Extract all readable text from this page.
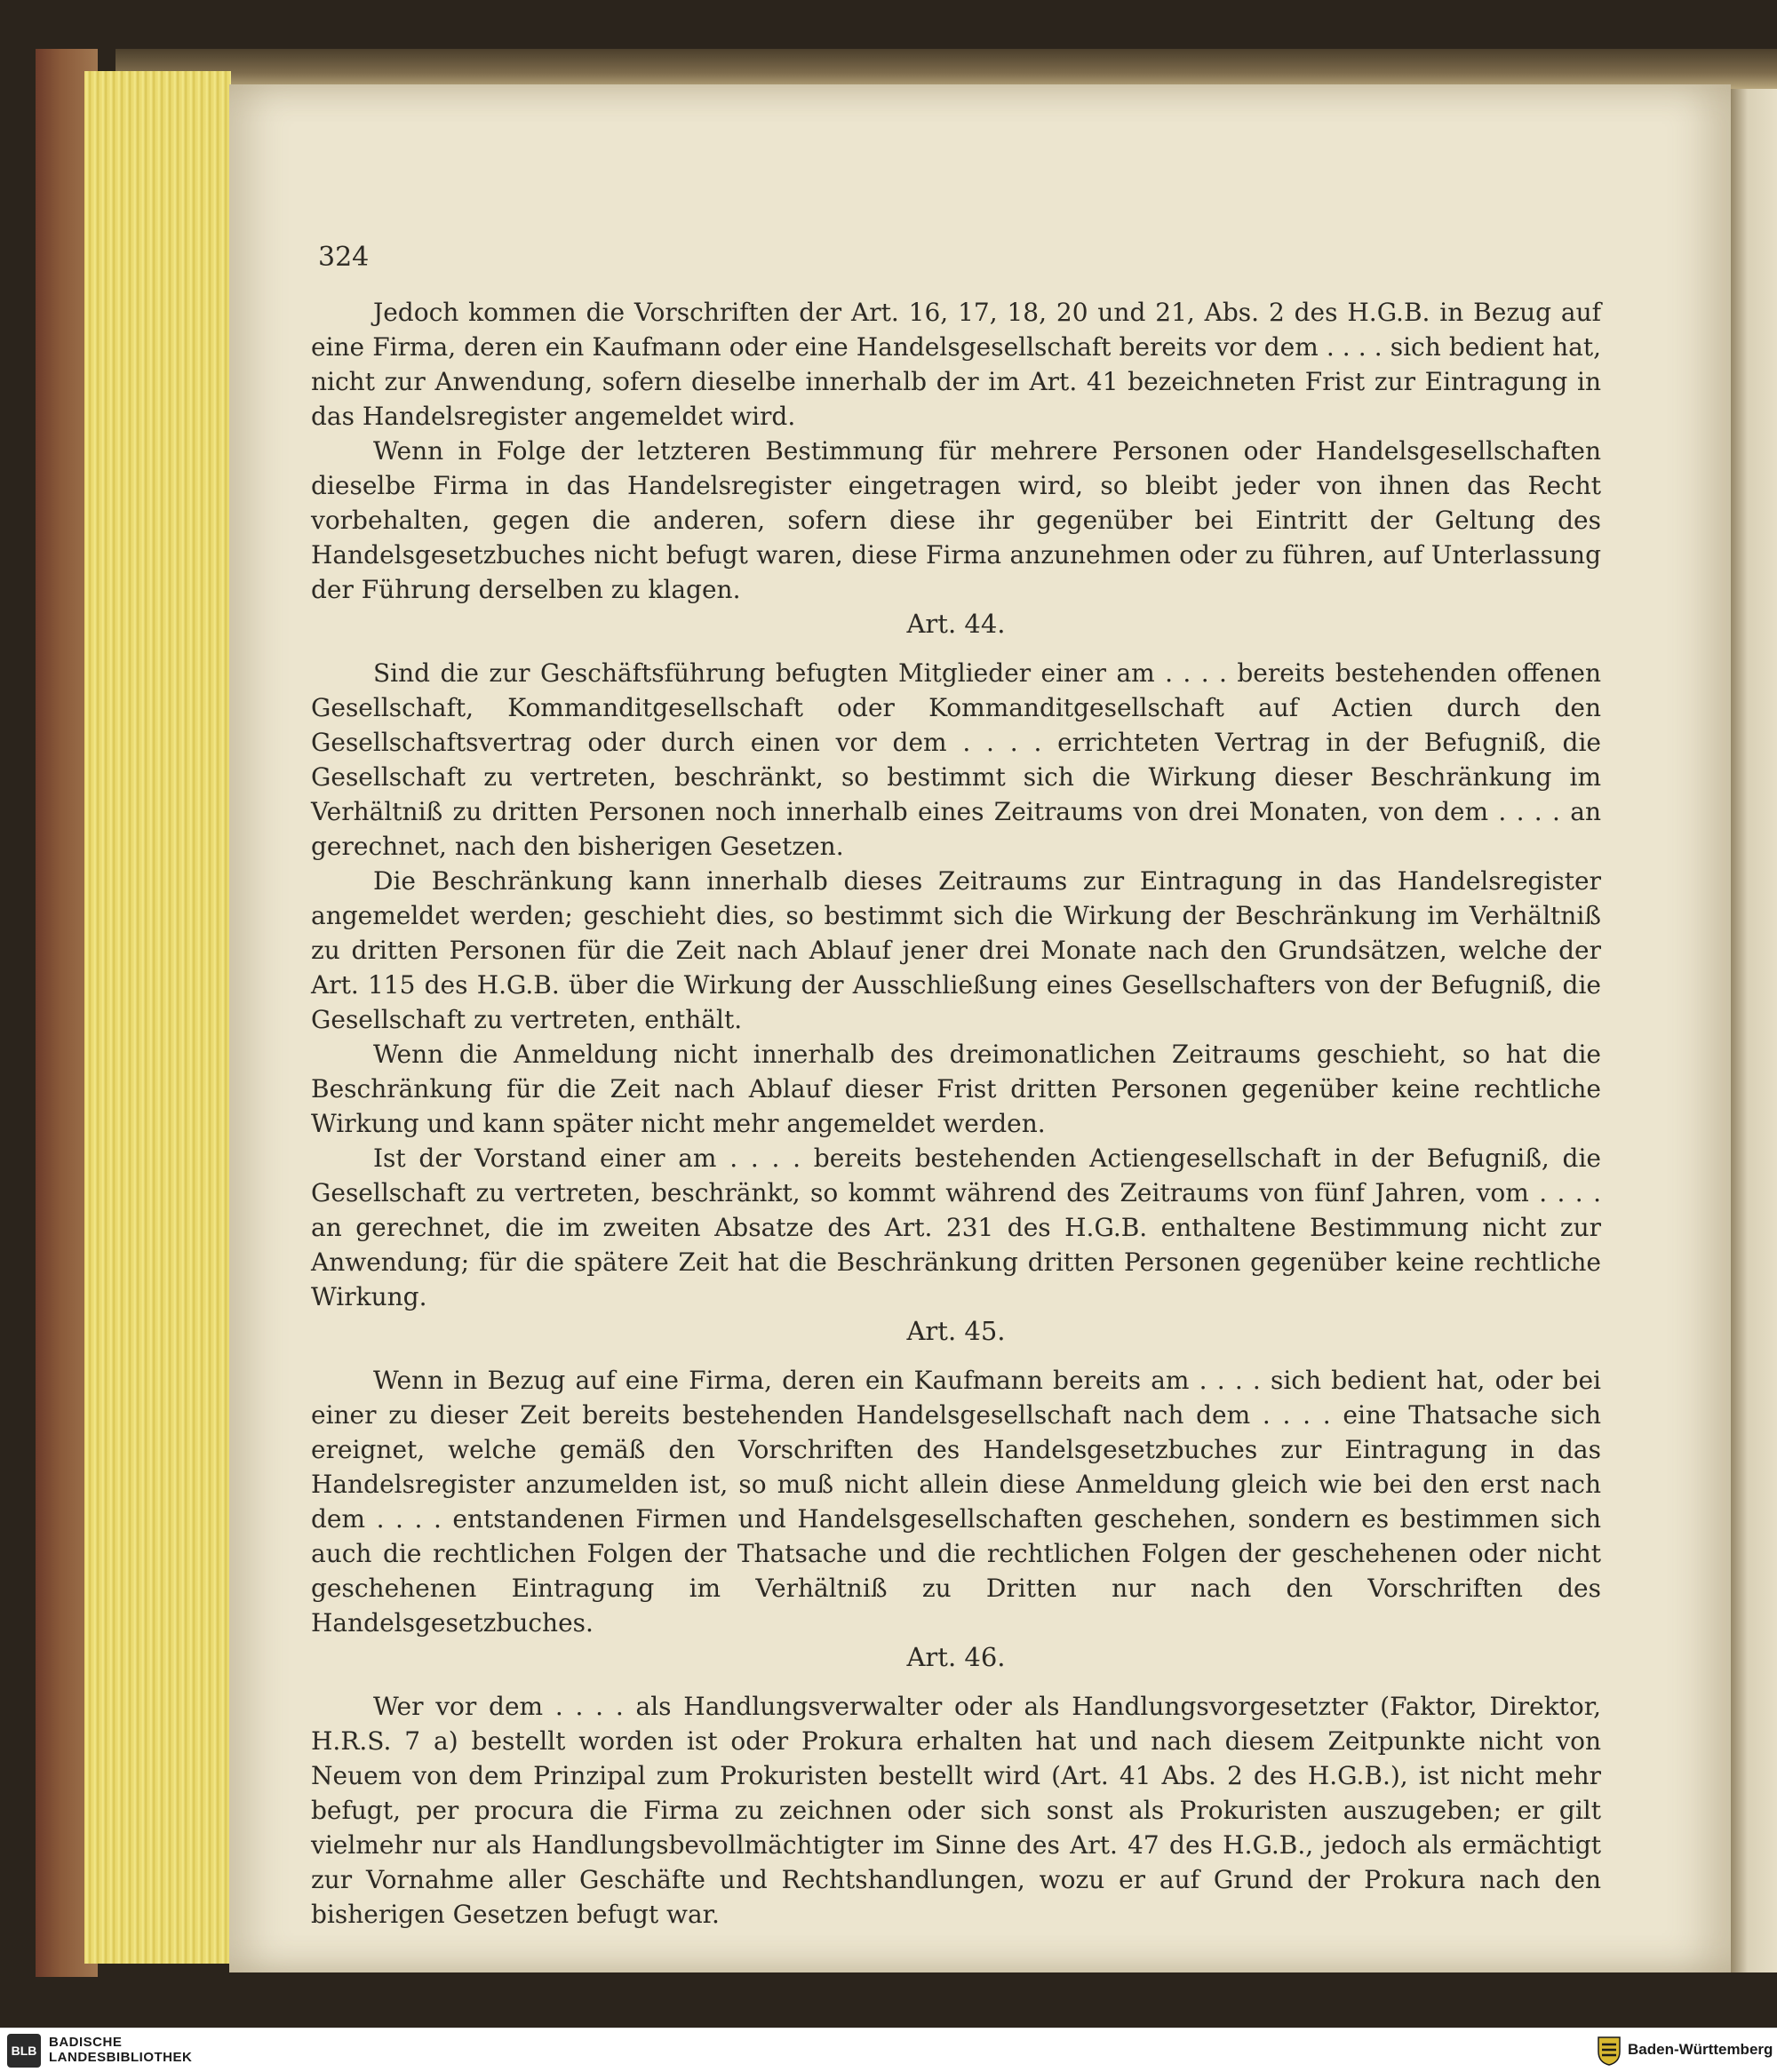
324

Jedoch kommen die Vorschriften der Art. 16, 17, 18, 20 und 21, Abs. 2 des H.G.B. in Bezug auf eine Firma, deren ein Kaufmann oder eine Handelsgesellschaft bereits vor dem . . . . sich bedient hat, nicht zur Anwendung, sofern dieselbe innerhalb der im Art. 41 bezeichneten Frist zur Eintragung in das Handelsregister angemeldet wird.

Wenn in Folge der letzteren Bestimmung für mehrere Personen oder Handelsgesellschaften dieselbe Firma in das Handelsregister eingetragen wird, so bleibt jeder von ihnen das Recht vorbehalten, gegen die anderen, sofern diese ihr gegenüber bei Eintritt der Geltung des Handelsgesetzbuches nicht befugt waren, diese Firma anzunehmen oder zu führen, auf Unterlassung der Führung derselben zu klagen.

Art. 44.

Sind die zur Geschäftsführung befugten Mitglieder einer am . . . . bereits bestehenden offenen Gesellschaft, Kommanditgesellschaft oder Kommanditgesellschaft auf Actien durch den Gesellschaftsvertrag oder durch einen vor dem . . . . errichteten Vertrag in der Befugniß, die Gesellschaft zu vertreten, beschränkt, so bestimmt sich die Wirkung dieser Beschränkung im Verhältniß zu dritten Personen noch innerhalb eines Zeitraums von drei Monaten, von dem . . . . an gerechnet, nach den bisherigen Gesetzen.

Die Beschränkung kann innerhalb dieses Zeitraums zur Eintragung in das Handelsregister angemeldet werden; geschieht dies, so bestimmt sich die Wirkung der Beschränkung im Verhältniß zu dritten Personen für die Zeit nach Ablauf jener drei Monate nach den Grundsätzen, welche der Art. 115 des H.G.B. über die Wirkung der Ausschließung eines Gesellschafters von der Befugniß, die Gesellschaft zu vertreten, enthält.

Wenn die Anmeldung nicht innerhalb des dreimonatlichen Zeitraums geschieht, so hat die Beschränkung für die Zeit nach Ablauf dieser Frist dritten Personen gegenüber keine rechtliche Wirkung und kann später nicht mehr angemeldet werden.

Ist der Vorstand einer am . . . . bereits bestehenden Actiengesellschaft in der Befugniß, die Gesellschaft zu vertreten, beschränkt, so kommt während des Zeitraums von fünf Jahren, vom . . . . an gerechnet, die im zweiten Absatze des Art. 231 des H.G.B. enthaltene Bestimmung nicht zur Anwendung; für die spätere Zeit hat die Beschränkung dritten Personen gegenüber keine rechtliche Wirkung.

Art. 45.

Wenn in Bezug auf eine Firma, deren ein Kaufmann bereits am . . . . sich bedient hat, oder bei einer zu dieser Zeit bereits bestehenden Handelsgesellschaft nach dem . . . . eine Thatsache sich ereignet, welche gemäß den Vorschriften des Handelsgesetzbuches zur Eintragung in das Handelsregister anzumelden ist, so muß nicht allein diese Anmeldung gleich wie bei den erst nach dem . . . . entstandenen Firmen und Handelsgesellschaften geschehen, sondern es bestimmen sich auch die rechtlichen Folgen der Thatsache und die rechtlichen Folgen der geschehenen oder nicht geschehenen Eintragung im Verhältniß zu Dritten nur nach den Vorschriften des Handelsgesetzbuches.

Art. 46.

Wer vor dem . . . . als Handlungsverwalter oder als Handlungsvorgesetzter (Faktor, Direktor, H.R.S. 7 a) bestellt worden ist oder Prokura erhalten hat und nach diesem Zeitpunkte nicht von Neuem von dem Prinzipal zum Prokuristen bestellt wird (Art. 41 Abs. 2 des H.G.B.), ist nicht mehr befugt, per procura die Firma zu zeichnen oder sich sonst als Prokuristen auszugeben; er gilt vielmehr nur als Handlungsbevollmächtigter im Sinne des Art. 47 des H.G.B., jedoch als ermächtigt zur Vornahme aller Geschäfte und Rechtshandlungen, wozu er auf Grund der Prokura nach den bisherigen Gesetzen befugt war.

BLB
BADISCHE
LANDESBIBLIOTHEK	Baden-Württemberg
